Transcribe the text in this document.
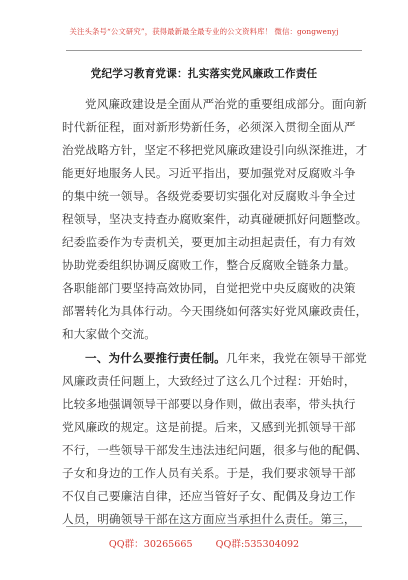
关注头条号“公文研究”，获得最新最全最专业的公文资料库！ 微信：gongwenyj
党纪学习教育党课：扎实落实党风廉政工作责任
党风廉政建设是全面从严治党的重要组成部分。面向新
时代新征程，面对新形势新任务，必须深入贯彻全面从严
治党战略方针，坚定不移把党风廉政建设引向纵深推进，才
能更好地服务人民。习近平指出，要加强党对反腐败斗争
的集中统一领导。各级党委要切实强化对反腐败斗争全过
程领导，坚决支持查办腐败案件，动真碰硬抓好问题整改。
纪委监委作为专责机关，要更加主动担起责任，有力有效
协助党委组织协调反腐败工作，整合反腐败全链条力量。
各职能部门要坚持高效协同，自觉把党中央反腐败的决策
部署转化为具体行动。今天围绕如何落实好党风廉政责任，
和大家做个交流。
一、为什么要推行责任制。几年来，我党在领导干部党
风廉政责任问题上，大致经过了这么几个过程：开始时，
比较多地强调领导干部要以身作则，做出表率，带头执行
党风廉政的规定。这是前提。后来，又感到光抓领导干部
不行，一些领导干部发生违法违纪问题，很多与他的配偶、
子女和身边的工作人员有关系。于是，我们要求领导干部
不仅自己要廉洁自律，还应当管好子女、配偶及身边工作
人员，明确领导干部在这方面应当承担什么责任。第三，
QQ群：30265665 QQ群:535304092
